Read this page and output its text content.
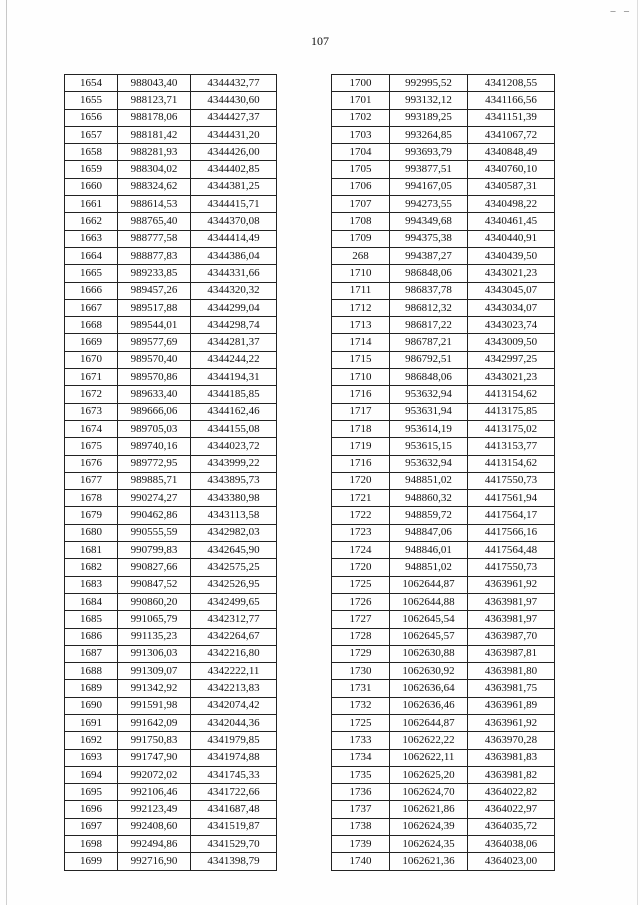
– –
107
1654	988043,40	4344432,77
1655	988123,71	4344430,60
1656	988178,06	4344427,37
1657	988181,42	4344431,20
1658	988281,93	4344426,00
1659	988304,02	4344402,85
1660	988324,62	4344381,25
1661	988614,53	4344415,71
1662	988765,40	4344370,08
1663	988777,58	4344414,49
1664	988877,83	4344386,04
1665	989233,85	4344331,66
1666	989457,26	4344320,32
1667	989517,88	4344299,04
1668	989544,01	4344298,74
1669	989577,69	4344281,37
1670	989570,40	4344244,22
1671	989570,86	4344194,31
1672	989633,40	4344185,85
1673	989666,06	4344162,46
1674	989705,03	4344155,08
1675	989740,16	4344023,72
1676	989772,95	4343999,22
1677	989885,71	4343895,73
1678	990274,27	4343380,98
1679	990462,86	4343113,58
1680	990555,59	4342982,03
1681	990799,83	4342645,90
1682	990827,66	4342575,25
1683	990847,52	4342526,95
1684	990860,20	4342499,65
1685	991065,79	4342312,77
1686	991135,23	4342264,67
1687	991306,03	4342216,80
1688	991309,07	4342222,11
1689	991342,92	4342213,83
1690	991591,98	4342074,42
1691	991642,09	4342044,36
1692	991750,83	4341979,85
1693	991747,90	4341974,88
1694	992072,02	4341745,33
1695	992106,46	4341722,66
1696	992123,49	4341687,48
1697	992408,60	4341519,87
1698	992494,86	4341529,70
1699	992716,90	4341398,79
1700	992995,52	4341208,55
1701	993132,12	4341166,56
1702	993189,25	4341151,39
1703	993264,85	4341067,72
1704	993693,79	4340848,49
1705	993877,51	4340760,10
1706	994167,05	4340587,31
1707	994273,55	4340498,22
1708	994349,68	4340461,45
1709	994375,38	4340440,91
268	994387,27	4340439,50
1710	986848,06	4343021,23
1711	986837,78	4343045,07
1712	986812,32	4343034,07
1713	986817,22	4343023,74
1714	986787,21	4343009,50
1715	986792,51	4342997,25
1710	986848,06	4343021,23
1716	953632,94	4413154,62
1717	953631,94	4413175,85
1718	953614,19	4413175,02
1719	953615,15	4413153,77
1716	953632,94	4413154,62
1720	948851,02	4417550,73
1721	948860,32	4417561,94
1722	948859,72	4417564,17
1723	948847,06	4417566,16
1724	948846,01	4417564,48
1720	948851,02	4417550,73
1725	1062644,87	4363961,92
1726	1062644,88	4363981,97
1727	1062645,54	4363981,97
1728	1062645,57	4363987,70
1729	1062630,88	4363987,81
1730	1062630,92	4363981,80
1731	1062636,64	4363981,75
1732	1062636,46	4363961,89
1725	1062644,87	4363961,92
1733	1062622,22	4363970,28
1734	1062622,11	4363981,83
1735	1062625,20	4363981,82
1736	1062624,70	4364022,82
1737	1062621,86	4364022,97
1738	1062624,39	4364035,72
1739	1062624,35	4364038,06
1740	1062621,36	4364023,00
